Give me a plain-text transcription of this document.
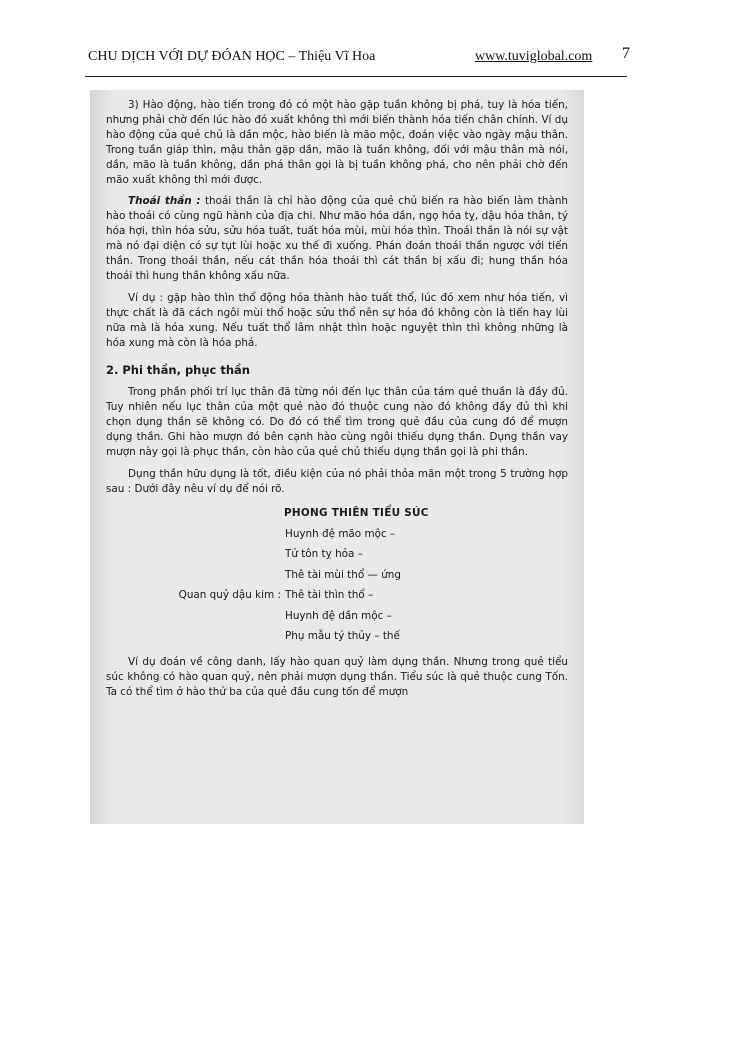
CHU DỊCH VỚI DỰ ĐÓAN HỌC – Thiệu Vĩ Hoa	www.tuviglobal.com 7

3) Hào động, hào tiến trong đó có một hào gặp tuần không bị phá, tuy là hóa tiến, nhưng phải chờ đến lúc hào đó xuất không thì mới biến thành hóa tiến chân chính. Ví dụ hào động của quẻ chủ là dần mộc, hào biến là mão mộc, đoán việc vào ngày mậu thân. Trong tuần giáp thìn, mậu thân gặp dần, mão là tuần không, đối với mậu thân mà nói, dần, mão là tuần không, dần phá thân gọi là bị tuần không phá, cho nên phải chờ đến mão xuất không thì mới được.

Thoái thần : thoái thần là chỉ hào động của quẻ chủ biến ra hào biến làm thành hào thoái có cùng ngũ hành của địa chi. Như mão hóa dần, ngọ hóa tỵ, dậu hóa thân, tý hóa hợi, thìn hóa sửu, sửu hóa tuất, tuất hóa mùi, mùi hóa thìn. Thoái thần là nói sự vật mà nó đại diện có sự tụt lùi hoặc xu thế đi xuống. Phán đoán thoái thần ngược với tiến thần. Trong thoái thần, nếu cát thần hóa thoái thì cát thần bị xấu đi; hung thần hóa thoái thì hung thần không xấu nữa.

Ví dụ : gặp hào thìn thổ động hóa thành hào tuất thổ, lúc đó xem như hóa tiến, vì thực chất là đã cách ngôi mùi thổ hoặc sửu thổ nên sự hóa đó không còn là tiến hay lùi nữa mà là hóa xung. Nếu tuất thổ lâm nhật thìn hoặc nguyệt thìn thì không những là hóa xung mà còn là hóa phá.

2. Phi thần, phục thần

Trong phần phối trí lục thân đã từng nói đến lục thân của tám quẻ thuần là đầy đủ. Tuy nhiên nếu lục thân của một quẻ nào đó thuộc cung nào đó không đầy đủ thì khi chọn dụng thần sẽ không có. Do đó có thể tìm trong quẻ đầu của cung đó để mượn dụng thần. Ghi hào mượn đó bên cạnh hào cùng ngôi thiếu dụng thần. Dụng thần vay mượn này gọi là phục thần, còn hào của quẻ chủ thiếu dụng thần gọi là phi thần.

Dụng thần hữu dụng là tốt, điều kiện của nó phải thỏa mãn một trong 5 trường hợp sau : Dưới đây nêu ví dụ để nói rõ.

PHONG THIÊN TIỂU SÚC
Huynh đệ mão mộc –
Tử tôn tỵ hỏa –
Thê tài mùi thổ — ứng
Quan quỷ dậu kim : Thê tài thìn thổ –
Huynh đệ dần mộc –
Phụ mẫu tý thủy – thế

Ví dụ đoán về công danh, lấy hào quan quỷ làm dụng thần. Nhưng trong quẻ tiểu súc không có hào quan quỷ, nên phải mượn dụng thần. Tiểu súc là quẻ thuộc cung Tốn. Ta có thể tìm ở hào thứ ba của quẻ đầu cung tốn để mượn
